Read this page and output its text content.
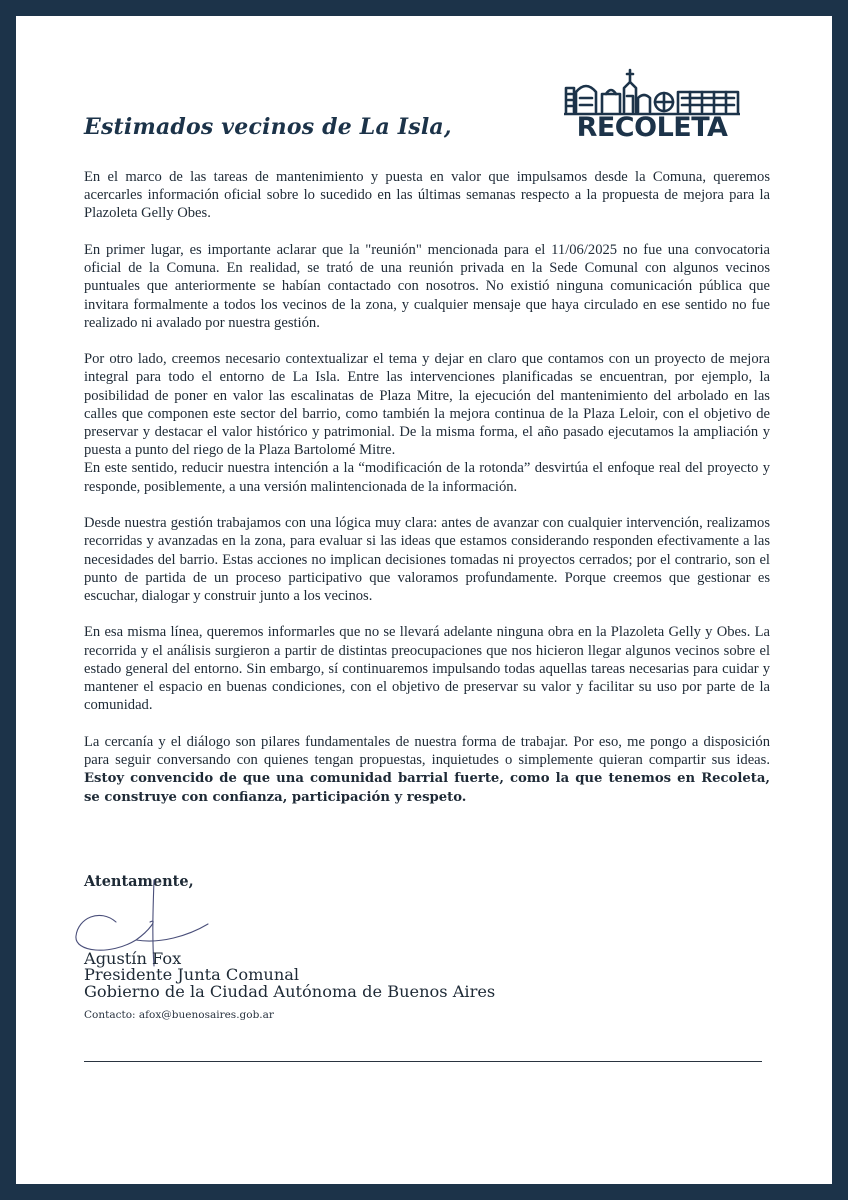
Estimados vecinos de La Isla,	RECOLETA

En el marco de las tareas de mantenimiento y puesta en valor que impulsamos desde la Comuna, queremos acercarles información oficial sobre lo sucedido en las últimas semanas respecto a la propuesta de mejora para la Plazoleta Gelly Obes.

En primer lugar, es importante aclarar que la "reunión" mencionada para el 11/06/2025 no fue una convocatoria oficial de la Comuna. En realidad, se trató de una reunión privada en la Sede Comunal con algunos vecinos puntuales que anteriormente se habían contactado con nosotros. No existió ninguna comunicación pública que invitara formalmente a todos los vecinos de la zona, y cualquier mensaje que haya circulado en ese sentido no fue realizado ni avalado por nuestra gestión.

Por otro lado, creemos necesario contextualizar el tema y dejar en claro que contamos con un proyecto de mejora integral para todo el entorno de La Isla. Entre las intervenciones planificadas se encuentran, por ejemplo, la posibilidad de poner en valor las escalinatas de Plaza Mitre, la ejecución del mantenimiento del arbolado en las calles que componen este sector del barrio, como también la mejora continua de la Plaza Leloir, con el objetivo de preservar y destacar el valor histórico y patrimonial. De la misma forma, el año pasado ejecutamos la ampliación y puesta a punto del riego de la Plaza Bartolomé Mitre.

En este sentido, reducir nuestra intención a la “modificación de la rotonda” desvirtúa el enfoque real del proyecto y responde, posiblemente, a una versión malintencionada de la información.

Desde nuestra gestión trabajamos con una lógica muy clara: antes de avanzar con cualquier intervención, realizamos recorridas y avanzadas en la zona, para evaluar si las ideas que estamos considerando responden efectivamente a las necesidades del barrio. Estas acciones no implican decisiones tomadas ni proyectos cerrados; por el contrario, son el punto de partida de un proceso participativo que valoramos profundamente. Porque creemos que gestionar es escuchar, dialogar y construir junto a los vecinos.

En esa misma línea, queremos informarles que no se llevará adelante ninguna obra en la Plazoleta Gelly y Obes. La recorrida y el análisis surgieron a partir de distintas preocupaciones que nos hicieron llegar algunos vecinos sobre el estado general del entorno. Sin embargo, sí continuaremos impulsando todas aquellas tareas necesarias para cuidar y mantener el espacio en buenas condiciones, con el objetivo de preservar su valor y facilitar su uso por parte de la comunidad.

La cercanía y el diálogo son pilares fundamentales de nuestra forma de trabajar. Por eso, me pongo a disposición para seguir conversando con quienes tengan propuestas, inquietudes o simplemente quieran compartir sus ideas. Estoy convencido de que una comunidad barrial fuerte, como la que tenemos en Recoleta, se construye con confianza, participación y respeto.

Atentamente,

Agustín Fox
Presidente Junta Comunal
Gobierno de la Ciudad Autónoma de Buenos Aires
Contacto: afox@buenosaires.gob.ar
